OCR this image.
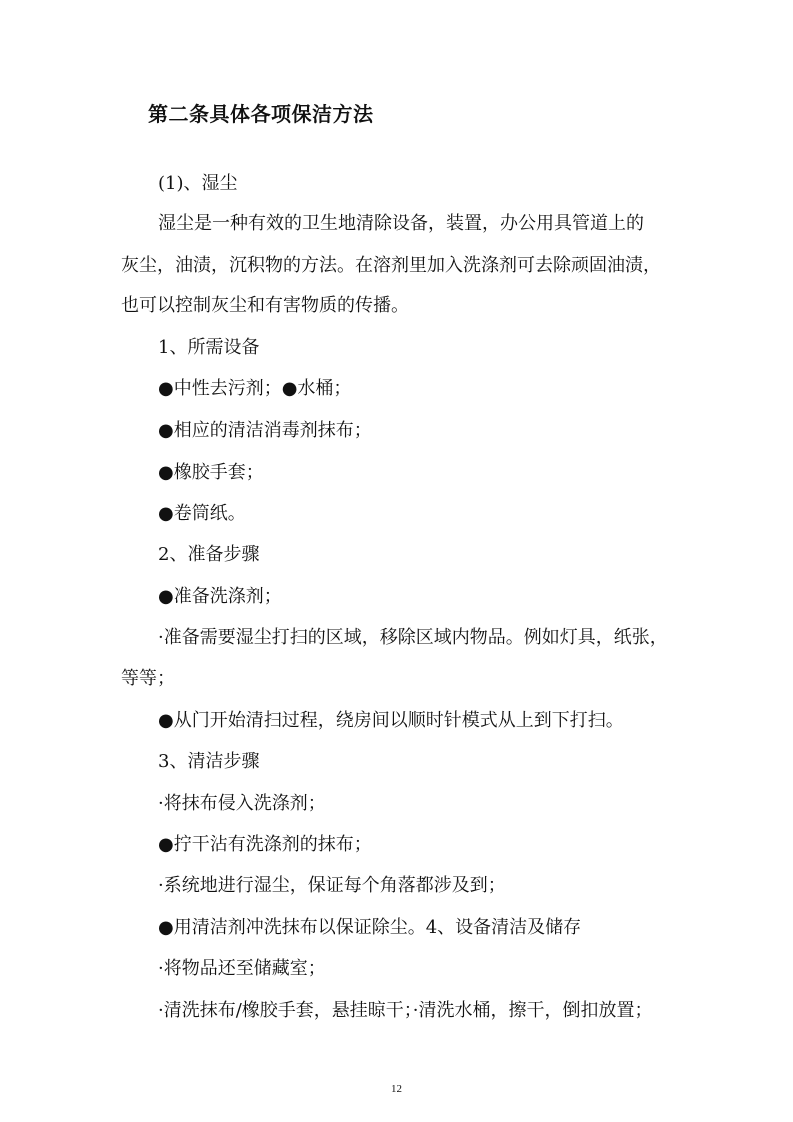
第二条具体各项保洁方法
(1)、湿尘
湿尘是一种有效的卫生地清除设备，装置，办公用具管道上的
灰尘，油渍，沉积物的方法。在溶剂里加入洗涤剂可去除顽固油渍，
也可以控制灰尘和有害物质的传播。
1、所需设备
●中性去污剂；●水桶；
●相应的清洁消毒剂抹布；
●橡胶手套；
●卷筒纸。
2、准备步骤
●准备洗涤剂；
·准备需要湿尘打扫的区域，移除区域内物品。例如灯具，纸张，
等等；
●从门开始清扫过程，绕房间以顺时针模式从上到下打扫。
3、清洁步骤
·将抹布侵入洗涤剂；
●拧干沾有洗涤剂的抹布；
·系统地进行湿尘，保证每个角落都涉及到；
●用清洁剂冲洗抹布以保证除尘。4、设备清洁及储存
·将物品还至储藏室；
·清洗抹布/橡胶手套，悬挂晾干；·清洗水桶，擦干，倒扣放置；
12
